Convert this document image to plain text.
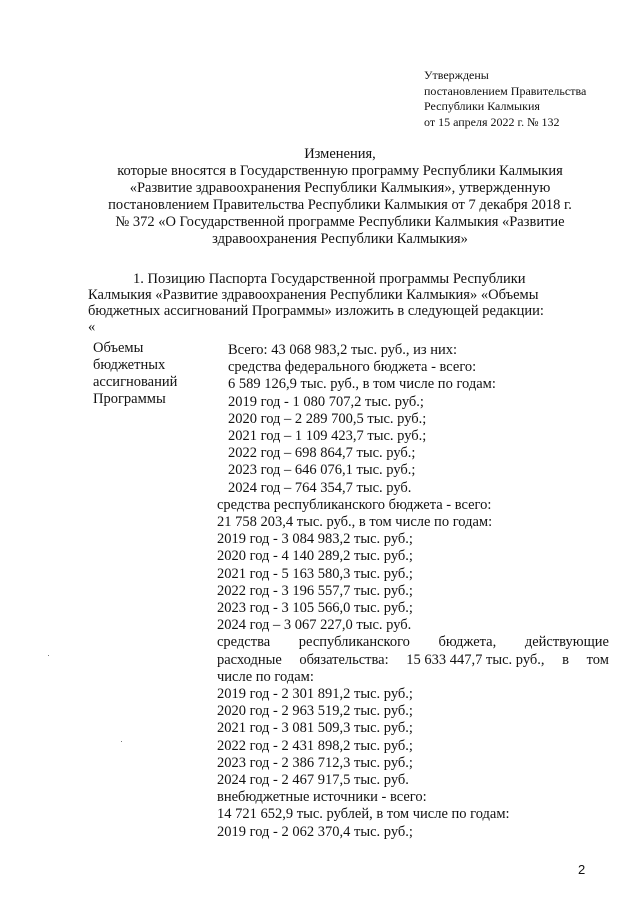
Утверждены
постановлением Правительства
Республики Калмыкия
от 15 апреля 2022 г. № 132
Изменения,
которые вносятся в Государственную программу Республики Калмыкия
«Развитие здравоохранения Республики Калмыкия», утвержденную
постановлением Правительства Республики Калмыкия от 7 декабря 2018 г.
№ 372 «О Государственной программе Республики Калмыкия «Развитие
здравоохранения Республики Калмыкия»
1. Позицию Паспорта Государственной программы Республики
Калмыкия «Развитие здравоохранения Республики Калмыкия» «Объемы
бюджетных ассигнований Программы» изложить в следующей редакции:
«
Объемы
бюджетных
ассигнований
Программы
Всего: 43 068 983,2 тыс. руб., из них:
средства федерального бюджета - всего:
6 589 126,9 тыс. руб., в том числе по годам:
2019 год - 1 080 707,2 тыс. руб.;
2020 год – 2 289 700,5 тыс. руб.;
2021 год – 1 109 423,7 тыс. руб.;
2022 год – 698 864,7 тыс. руб.;
2023 год – 646 076,1 тыс. руб.;
2024 год – 764 354,7 тыс. руб.
средства республиканского бюджета - всего:
21 758 203,4 тыс. руб., в том числе по годам:
2019 год - 3 084 983,2 тыс. руб.;
2020 год - 4 140 289,2 тыс. руб.;
2021 год - 5 163 580,3 тыс. руб.;
2022 год - 3 196 557,7 тыс. руб.;
2023 год - 3 105 566,0 тыс. руб.;
2024 год – 3 067 227,0 тыс. руб.
средства республиканского бюджета, действующие
расходные обязательства: 15 633 447,7 тыс. руб., в том
числе по годам:
2019 год - 2 301 891,2 тыс. руб.;
2020 год - 2 963 519,2 тыс. руб.;
2021 год - 3 081 509,3 тыс. руб.;
2022 год - 2 431 898,2 тыс. руб.;
2023 год - 2 386 712,3 тыс. руб.;
2024 год - 2 467 917,5 тыс. руб.
внебюджетные источники - всего:
14 721 652,9 тыс. рублей, в том числе по годам:
2019 год - 2 062 370,4 тыс. руб.;
2
